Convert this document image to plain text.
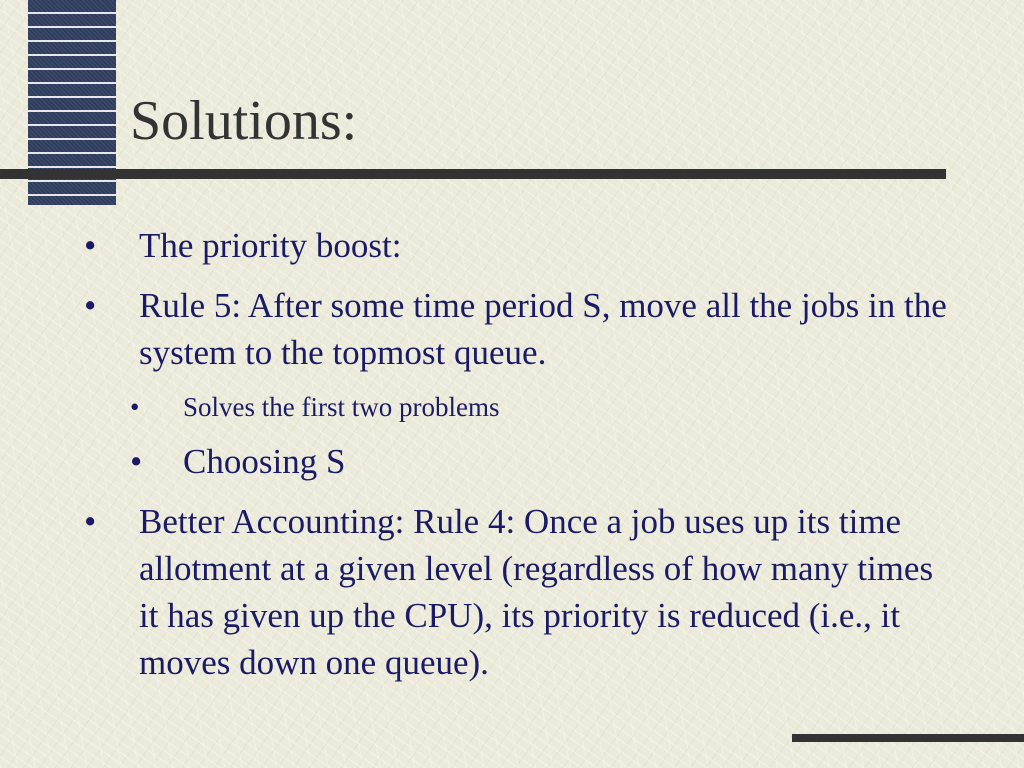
Solutions:
• The priority boost:
• Rule 5: After some time period S, move all the jobs in the system to the topmost queue.
• Solves the first two problems
• Choosing S
• Better Accounting: Rule 4: Once a job uses up its time allotment at a given level (regardless of how many times it has given up the CPU), its priority is reduced (i.e., it moves down one queue).
